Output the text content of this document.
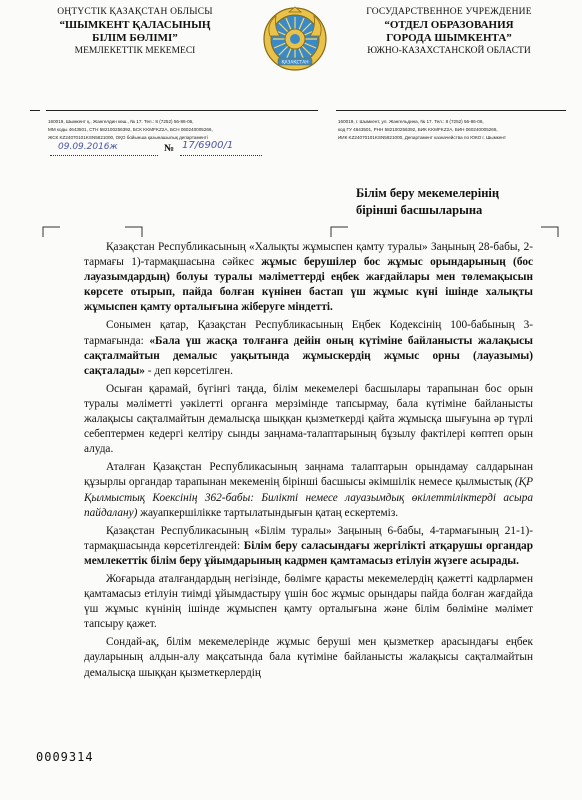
ОҢТҮСТІК ҚАЗАҚСТАН ОБЛЫСЫ
“ШЫМКЕНТ ҚАЛАСЫНЫҢ
БІЛІМ БӨЛІМІ”
МЕМЛЕКЕТТІК МЕКЕМЕСІ
ҚАЗАҚСТАН
ГОСУДАРСТВЕННОЕ УЧРЕЖДЕНИЕ
“ОТДЕЛ ОБРАЗОВАНИЯ
ГОРОДА ШЫМКЕНТА”
ЮЖНО-КАЗАХСТАНСКОЙ ОБЛАСТИ
160019, Шымкент қ., Жангелдин көш., № 17. Тел.: 8 (7252) 56-86-06,
ММ коды 4643501, СТН 582100256392, БСК KKMFKZ2A, БСН 060240005266,
ЖСК KZ24070101KSN5821000, ОҚО бойынша қазынашылық департаменті
160019, г. Шымкент, ул. Жангельдина, № 17. Тел.: 8 (7252) 56-86-06,
код ГУ 4643501, РНН 582100256392, БИК KKMFKZ2A, БИН 060240005266,
ИИК KZ24070101KSN5821000, Департамент казначейства по ЮКО г. Шымкент
09.09.2016ж	№ 17/6900/1
Білім беру мекемелерінің
бірінші басшыларына

Қазақстан Республикасының «Халықты жұмыспен қамту туралы» Заңының 28-бабы, 2-тармағы 1)-тармақшасына сәйкес жұмыс берушілер бос жұмыс орындарының (бос лауазымдардың) болуы туралы мәліметтерді еңбек жағдайлары мен төлемақысын көрсете отырып, пайда болған күнінен бастап үш жұмыс күні ішінде халықты жұмыспен қамту орталығына жіберуге міндетті.

Сонымен қатар, Қазақстан Республикасының Еңбек Кодексінің 100-бабының 3-тармағында: «Бала үш жасқа толғанға дейін оның күтіміне байланысты жалақысы сақталмайтын демалыс уақытында жұмыскердің жұмыс орны (лауазымы) сақталады» - деп көрсетілген.

Осыған қарамай, бүгінгі таңда, білім мекемелері басшылары тарапынан бос орын туралы мәліметті уәкілетті органға мерзімінде тапсырмау, бала күтіміне байланысты жалақысы сақталмайтын демалысқа шыққан қызметкерді қайта жұмысқа шығуына әр түрлі себептермен кедергі келтіру сынды заңнама-талаптарының бұзылу фактілері көптеп орын алуда.

Аталған Қазақстан Республикасының заңнама талаптарын орындамау салдарынан құзырлы органдар тарапынан мекеменің бірінші басшысы әкімшілік немесе қылмыстық (ҚР Қылмыстық Коексінің 362-бабы: Биліктi немесе лауазымдық өкiлеттiлiктердi асыра пайдалану) жауапкершілікке тартылатындығын қатаң ескертеміз.

Қазақстан Республикасының «Білім туралы» Заңының 6-бабы, 4-тармағының 21-1)-тармақшасында көрсетілгендей: Білім беру саласындағы жергілікті атқарушы органдар мемлекеттік білім беру ұйымдарының кадрмен қамтамасыз етілуін жүзеге асырады.

Жоғарыда аталғандардың негізінде, бөлімге қарасты мекемелердің қажетті кадрлармен қамтамасыз етілуін тиімді ұйымдастыру үшін бос жұмыс орындары пайда болған жағдайда үш жұмыс күнінің ішінде жұмыспен қамту орталығына және білім бөліміне мәлімет тапсыру қажет.

Сондай-ақ, білім мекемелерінде жұмыс беруші мен қызметкер арасындағы еңбек дауларының алдын-алу мақсатында бала күтіміне байланысты жалақысы сақталмайтын демалысқа шыққан қызметкерлердің

0009314
